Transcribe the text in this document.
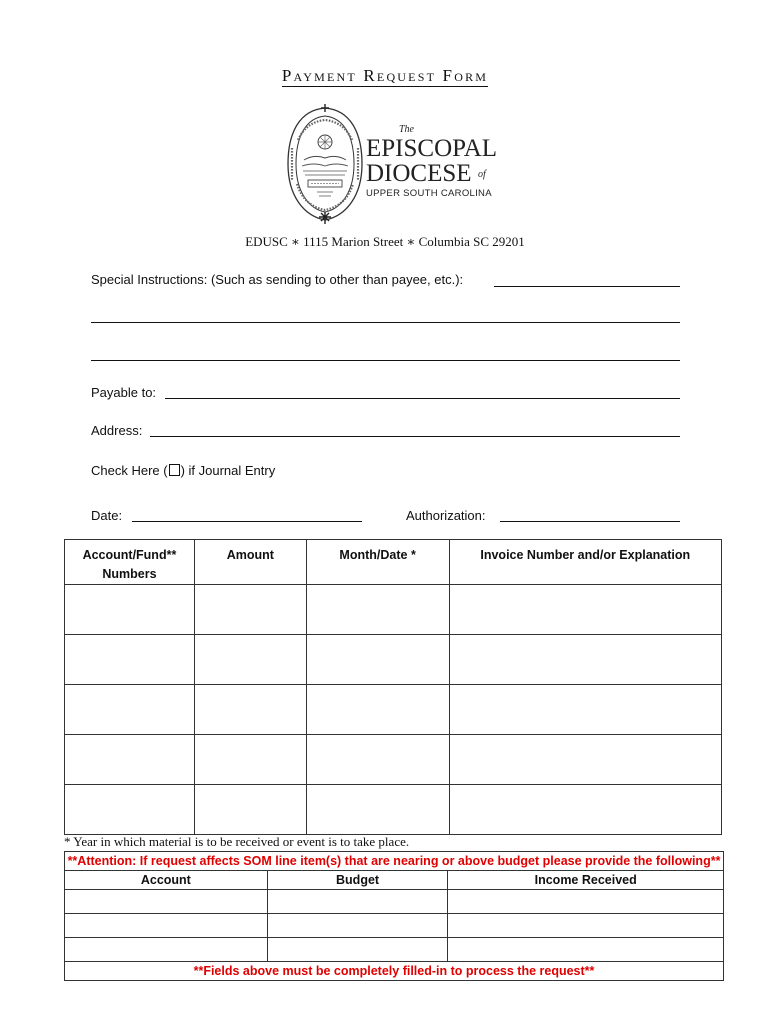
Payment Request Form
The
EPISCOPAL
DIOCESE of
UPPER SOUTH CAROLINA
EDUSC ∗ 1115 Marion Street ∗ Columbia SC 29201
Special Instructions: (Such as sending to other than payee, etc.):
Payable to:
Address:
Check Here ( ) if Journal Entry
Date:	Authorization:
Account/Fund** Numbers	Amount	Month/Date *	Invoice Number and/or Explanation

* Year in which material is to be received or event is to take place.
**Attention: If request affects SOM line item(s) that are nearing or above budget please provide the following**		
Account	Budget	Income Received

**Fields above must be completely filled-in to process the request**		
